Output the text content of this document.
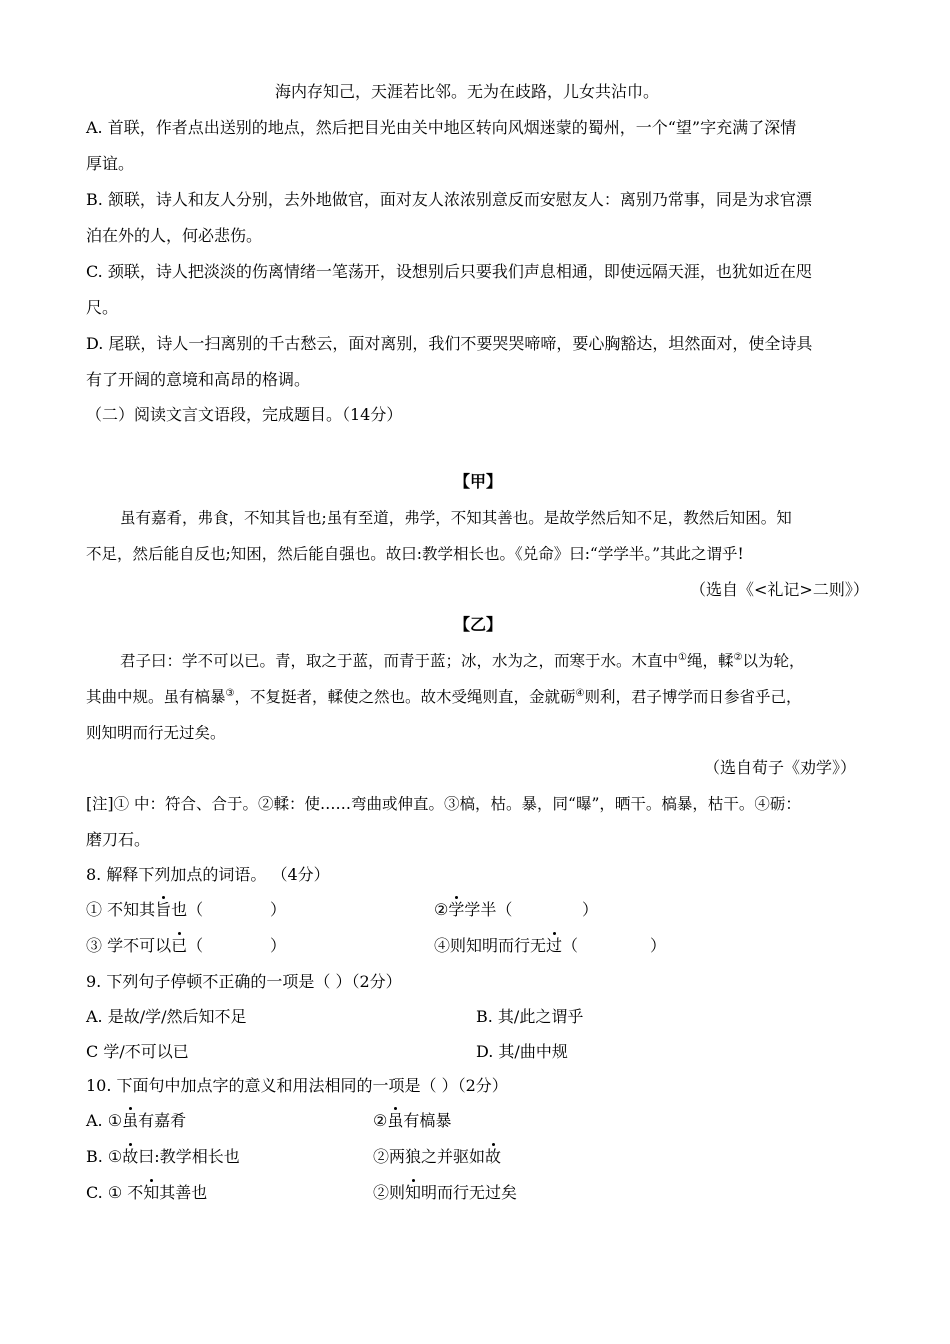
海内存知己，天涯若比邻。无为在歧路，儿女共沾巾。
A. 首联，作者点出送别的地点，然后把目光由关中地区转向风烟迷蒙的蜀州，一个“望”字充满了深情
厚谊。
B. 颔联，诗人和友人分别，去外地做官，面对友人浓浓别意反而安慰友人：离别乃常事，同是为求官漂
泊在外的人，何必悲伤。
C. 颈联，诗人把淡淡的伤离情绪一笔荡开，设想别后只要我们声息相通，即使远隔天涯，也犹如近在咫
尺。
D. 尾联，诗人一扫离别的千古愁云，面对离别，我们不要哭哭啼啼，要心胸豁达，坦然面对，使全诗具
有了开阔的意境和高昂的格调。
（二）阅读文言文语段，完成题目。（14分）
【甲】
虽有嘉肴，弗食，不知其旨也;虽有至道，弗学，不知其善也。是故学然后知不足，教然后知困。知
不足，然后能自反也;知困，然后能自强也。故曰:教学相长也。《兑命》曰:“学学半。”其此之谓乎!
（选自《<礼记>二则》）
【乙】
君子曰：学不可以已。青，取之于蓝，而青于蓝；冰，水为之，而寒于水。木直中①绳，輮②以为轮，
其曲中规。虽有槁暴③，不复挺者，輮使之然也。故木受绳则直，金就砺④则利，君子博学而日参省乎己，
则知明而行无过矣。
（选自荀子《劝学》）
[注]① 中：符合、合于。②輮：使……弯曲或伸直。③槁，枯。暴，同“曝”，晒干。槁暴，枯干。④砺：
磨刀石。
8. 解释下列加点的词语。 （4分）
① 不知其旨也（	）	②学学半（	）
③ 学不可以已（	）	④则知明而行无过（	）
9. 下列句子停顿不正确的一项是（ ）（2分）
A. 是故/学/然后知不足	B. 其/此之谓乎
C 学/不可以已	D. 其/曲中规
10. 下面句中加点字的意义和用法相同的一项是（ ）（2分）
A. ①虽有嘉肴	②虽有槁暴
B. ①故曰:教学相长也	②两狼之并驱如故
C. ① 不知其善也	②则知明而行无过矣
